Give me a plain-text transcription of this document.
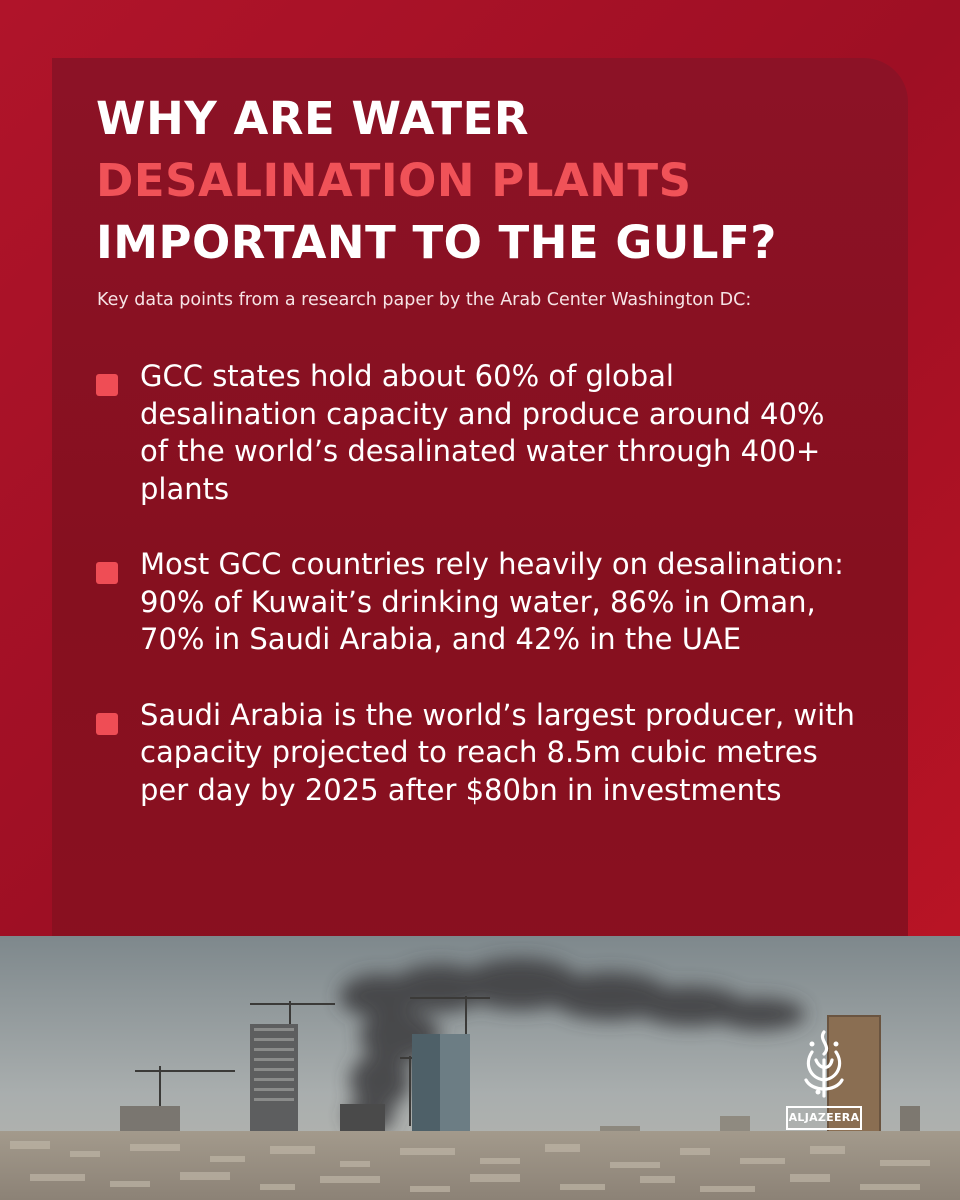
WHY ARE WATER
DESALINATION PLANTS
IMPORTANT TO THE GULF?

Key data points from a research paper by the Arab Center Washington DC:

GCC states hold about 60% of global desalination capacity and produce around 40% of the world’s desalinated water through 400+ plants
Most GCC countries rely heavily on desalination: 90% of Kuwait’s drinking water, 86% in Oman, 70% in Saudi Arabia, and 42% in the UAE
Saudi Arabia is the world’s largest producer, with capacity projected to reach 8.5m cubic metres per day by 2025 after $80bn in investments
ALJAZEERA
